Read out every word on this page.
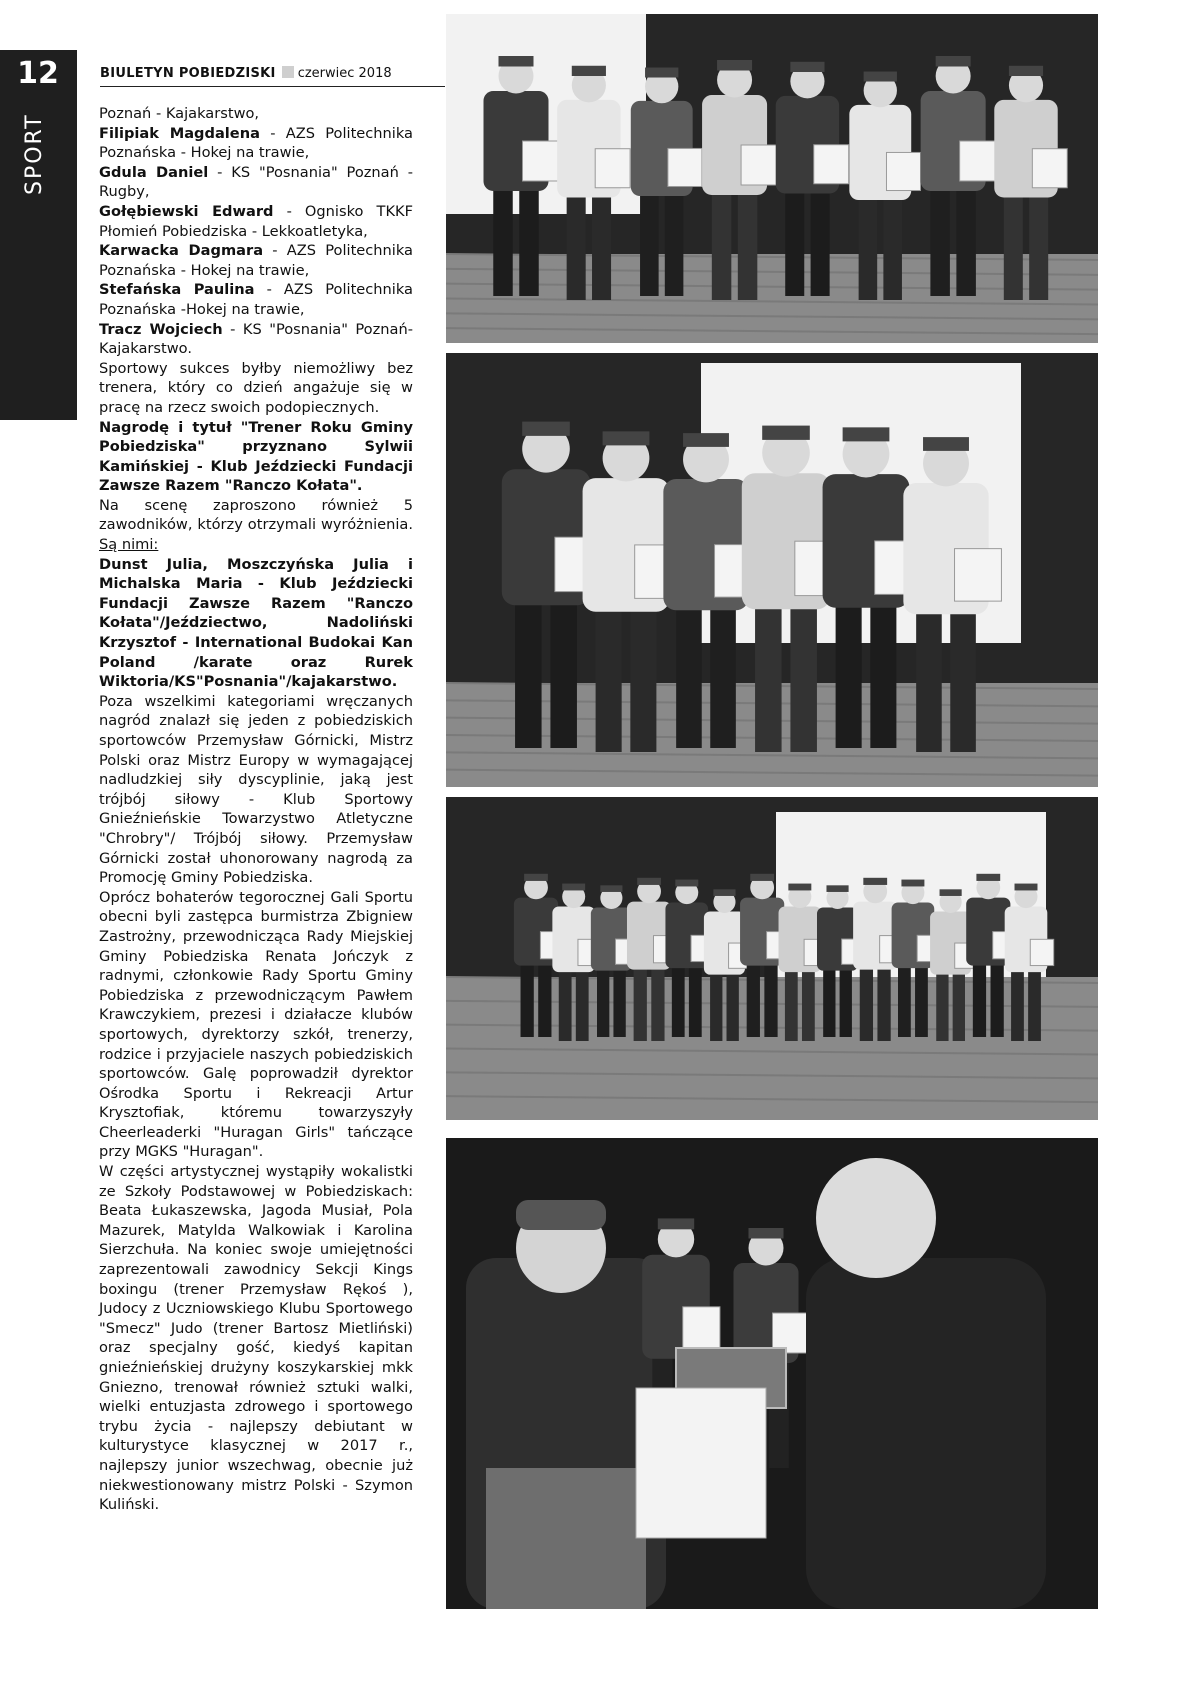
12
SPORT
BIULETYN POBIEDZISKI czerwiec 2018

Poznań - Kajakarstwo,
Filipiak Magdalena - AZS Politechnika Poznańska - Hokej na trawie,
Gdula Daniel - KS "Posnania" Poznań - Rugby,
Gołębiewski Edward - Ognisko TKKF Płomień Pobiedziska - Lekkoatletyka,
Karwacka Dagmara - AZS Politechnika Poznańska - Hokej na trawie,
Stefańska Paulina - AZS Politechnika Poznańska -Hokej na trawie,
Tracz Wojciech - KS "Posnania" Poznań- Kajakarstwo.

Sportowy sukces byłby niemożliwy bez trenera, który co dzień angażuje się w pracę na rzecz swoich podopiecznych.

Nagrodę i tytuł "Trener Roku Gminy Pobiedziska" przyznano Sylwii Kamińskiej - Klub Jeździecki Fundacji Zawsze Razem "Ranczo Kołata".

Na scenę zaproszono również 5 zawodników, którzy otrzymali wyróżnienia. Są nimi:

Dunst Julia, Moszczyńska Julia i Michalska Maria - Klub Jeździecki Fundacji Zawsze Razem "Ranczo Kołata"/Jeździectwo, Nadoliński Krzysztof - International Budokai Kan Poland /karate oraz Rurek Wiktoria/KS"Posnania"/kajakarstwo.

Poza wszelkimi kategoriami wręczanych nagród znalazł się jeden z pobiedziskich sportowców Przemysław Górnicki, Mistrz Polski oraz Mistrz Europy w wymagającej nadludzkiej siły dyscyplinie, jaką jest trójbój siłowy - Klub Sportowy Gnieźnieńskie Towarzystwo Atletyczne "Chrobry"/ Trójbój siłowy. Przemysław Górnicki został uhonorowany nagrodą za Promocję Gminy Pobiedziska.

Oprócz bohaterów tegorocznej Gali Sportu obecni byli zastępca burmistrza Zbigniew Zastrożny, przewodnicząca Rady Miejskiej Gminy Pobiedziska Renata Jończyk z radnymi, członkowie Rady Sportu Gminy Pobiedziska z przewodniczącym Pawłem Krawczykiem, prezesi i działacze klubów sportowych, dyrektorzy szkół, trenerzy, rodzice i przyjaciele naszych pobiedziskich sportowców. Galę poprowadził dyrektor Ośrodka Sportu i Rekreacji Artur Krysztofiak, któremu towarzyszyły Cheerleaderki "Huragan Girls" tańczące przy MGKS "Huragan".

W części artystycznej wystąpiły wokalistki ze Szkoły Podstawowej w Pobiedziskach: Beata Łukaszewska, Jagoda Musiał, Pola Mazurek, Matylda Walkowiak i Karolina Sierzchuła. Na koniec swoje umiejętności zaprezentowali zawodnicy Sekcji Kings boxingu (trener Przemysław Rękoś ), Judocy z Uczniowskiego Klubu Sportowego "Smecz" Judo (trener Bartosz Mietliński) oraz specjalny gość, kiedyś kapitan gnieźnieńskiej drużyny koszykarskiej mkk Gniezno, trenował również sztuki walki, wielki entuzjasta zdrowego i sportowego trybu życia - najlepszy debiutant w kulturystyce klasycznej w 2017 r., najlepszy junior wszechwag, obecnie już niekwestionowany mistrz Polski - Szymon Kuliński.
